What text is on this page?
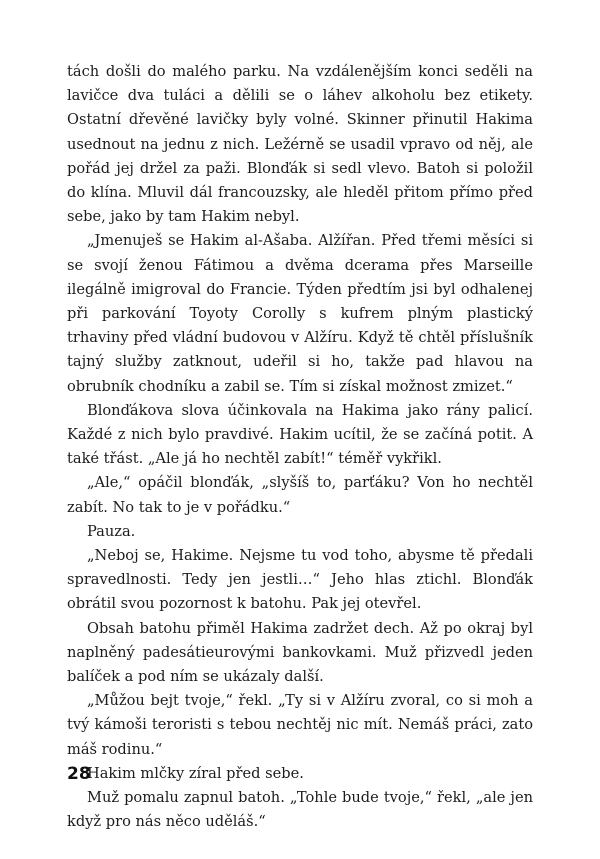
tách došli do malého parku. Na vzdálenějším konci seděli na lavičce dva tuláci a dělili se o láhev alkoholu bez etikety. Ostatní dřevěné lavičky byly volné. Skinner přinutil Hakima usednout na jednu z nich. Ležérně se usadil vpravo od něj, ale pořád jej držel za paži. Blonďák si sedl vlevo. Batoh si položil do klína. Mluvil dál francouzsky, ale hleděl přitom přímo před sebe, jako by tam Hakim nebyl.

„Jmenuješ se Hakim al-Ašaba. Alžířan. Před třemi měsíci si se svojí ženou Fátimou a dvěma dcerama přes Marseille ilegálně imigroval do Francie. Týden předtím jsi byl odhalenej při parkování Toyoty Corolly s kufrem plným plastický trhaviny před vládní budovou v Alžíru. Když tě chtěl příslušník tajný služby zatknout, udeřil si ho, takže pad hlavou na obrubník chodníku a zabil se. Tím si získal možnost zmizet.“

Blonďákova slova účinkovala na Hakima jako rány palicí. Každé z nich bylo pravdivé. Hakim ucítil, že se začíná potit. A také třást. „Ale já ho nechtěl zabít!“ téměř vykřikl.

„Ale,“ opáčil blonďák, „slyšíš to, parťáku? Von ho nechtěl zabít. No tak to je v pořádku.“

Pauza.

„Neboj se, Hakime. Nejsme tu vod toho, abysme tě předali spravedlnosti. Tedy jen jestli…“ Jeho hlas ztichl. Blonďák obrátil svou pozornost k batohu. Pak jej otevřel.

Obsah batohu přiměl Hakima zadržet dech. Až po okraj byl naplněný padesátieurovými bankovkami. Muž přizvedl jeden balíček a pod ním se ukázaly další.

„Můžou bejt tvoje,“ řekl. „Ty si v Alžíru zvoral, co si moh a tvý kámoši teroristi s tebou nechtěj nic mít. Nemáš práci, zato máš rodinu.“

Hakim mlčky zíral před sebe.

Muž pomalu zapnul batoh. „Tohle bude tvoje,“ řekl, „ale jen když pro nás něco uděláš.“

28
